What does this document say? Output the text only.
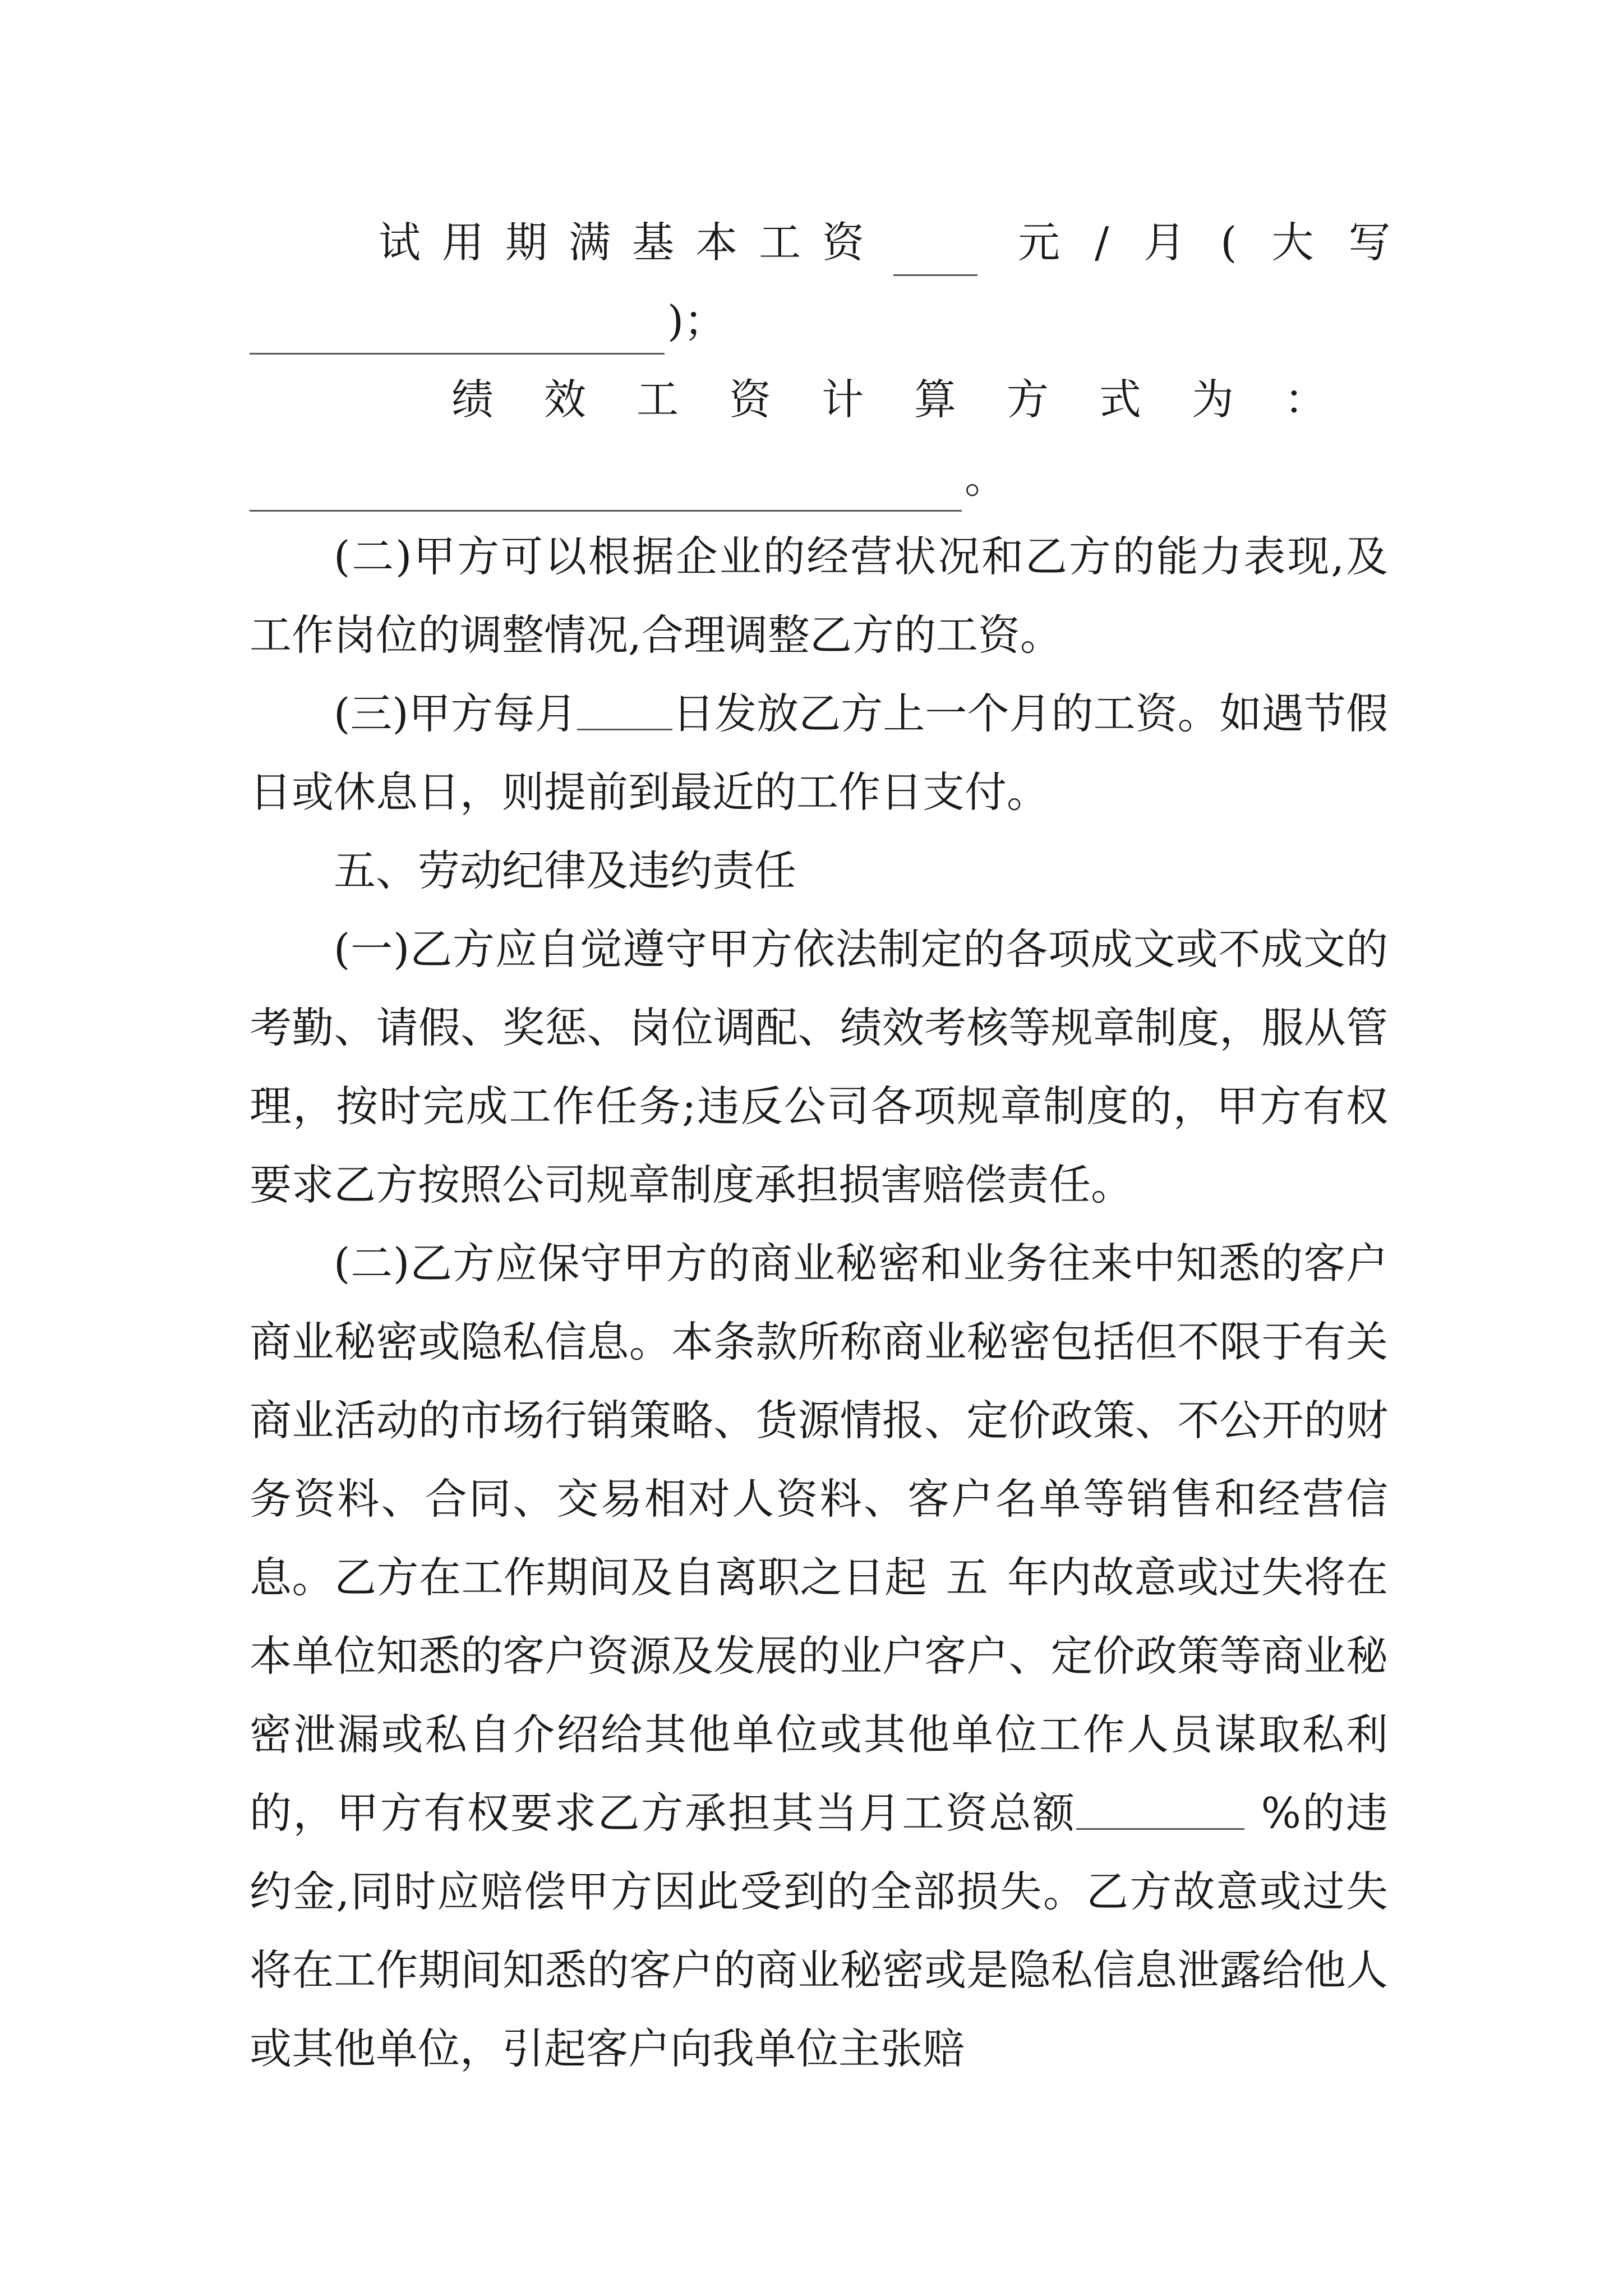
试用期满基本工资	元/月(大写
)；
绩效工资计算方式为：
。

(二)甲方可以根据企业的经营状况和乙方的能力表现,及工作岗位的调整情况,合理调整乙方的工资。

(三)甲方每月 日发放乙方上一个月的工资。如遇节假日或休息日，则提前到最近的工作日支付。

五、劳动纪律及违约责任

(一)乙方应自觉遵守甲方依法制定的各项成文或不成文的考勤、请假、奖惩、岗位调配、绩效考核等规章制度，服从管理，按时完成工作任务;违反公司各项规章制度的，甲方有权要求乙方按照公司规章制度承担损害赔偿责任。

(二)乙方应保守甲方的商业秘密和业务往来中知悉的客户商业秘密或隐私信息。本条款所称商业秘密包括但不限于有关商业活动的市场行销策略、货源情报、定价政策、不公开的财务资料、合同、交易相对人资料、客户名单等销售和经营信息。乙方在工作期间及自离职之日起 五 年内故意或过失将在本单位知悉的客户资源及发展的业户客户、定价政策等商业秘密泄漏或私自介绍给其他单位或其他单位工作人员谋取私利的，甲方有权要求乙方承担其当月工资总额	%的违约金,同时应赔偿甲方因此受到的全部损失。乙方故意或过失将在工作期间知悉的客户的商业秘密或是隐私信息泄露给他人或其他单位，引起客户向我单位主张赔
